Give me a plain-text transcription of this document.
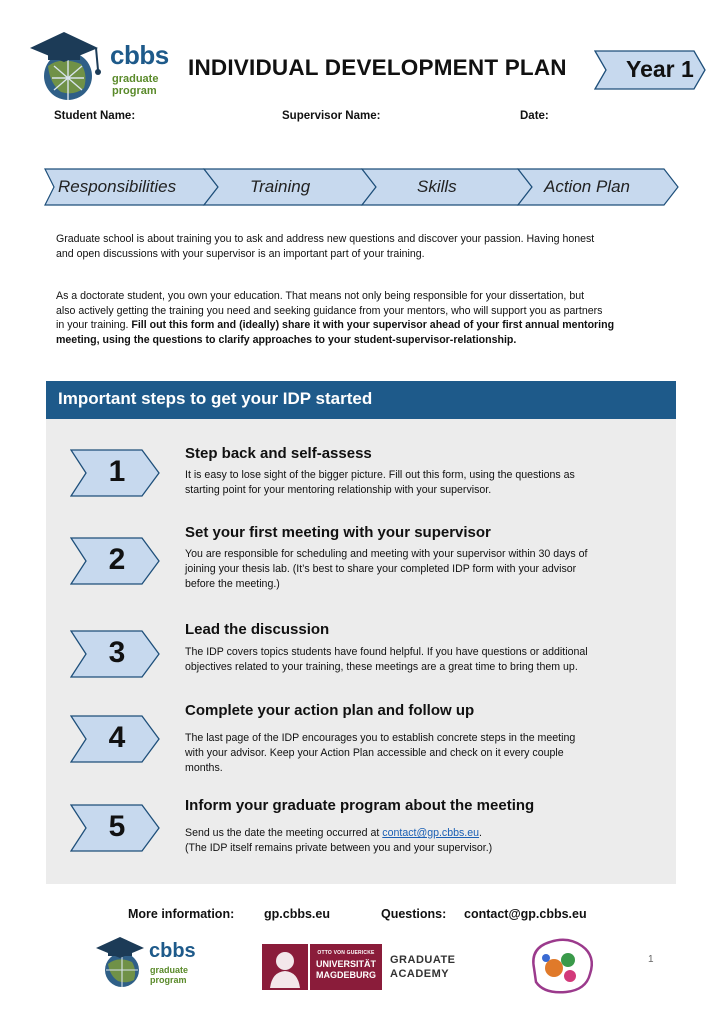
cbbs
graduate
program
INDIVIDUAL DEVELOPMENT PLAN	Year 1
Student Name:	Supervisor Name:	Date:
Responsibilities	Training	Skills	Action Plan
Graduate school is about training you to ask and address new questions and discover your passion. Having honest
and open discussions with your supervisor is an important part of your training.
As a doctorate student, you own your education. That means not only being responsible for your dissertation, but
also actively getting the training you need and seeking guidance from your mentors, who will support you as partners
in your training. Fill out this form and (ideally) share it with your supervisor ahead of your first annual mentoring
meeting, using the questions to clarify approaches to your student-supervisor-relationship.
Important steps to get your IDP started
1
Step back and self-assess
It is easy to lose sight of the bigger picture. Fill out this form, using the questions as
starting point for your mentoring relationship with your supervisor.
2
Set your first meeting with your supervisor
You are responsible for scheduling and meeting with your supervisor within 30 days of
joining your thesis lab. (It’s best to share your completed IDP form with your advisor
before the meeting.)
3
Lead the discussion
The IDP covers topics students have found helpful. If you have questions or additional
objectives related to your training, these meetings are a great time to bring them up.
4
Complete your action plan and follow up
The last page of the IDP encourages you to establish concrete steps in the meeting
with your advisor. Keep your Action Plan accessible and check on it every couple
months.
5
Inform your graduate program about the meeting
Send us the date the meeting occurred at contact@gp.cbbs.eu.
(The IDP itself remains private between you and your supervisor.)
More information: gp.cbbs.eu	Questions: contact@gp.cbbs.eu
cbbs
graduate
program
OTTO VON GUERICKE
UNIVERSITÄT
MAGDEBURG
GRADUATE
ACADEMY
1
